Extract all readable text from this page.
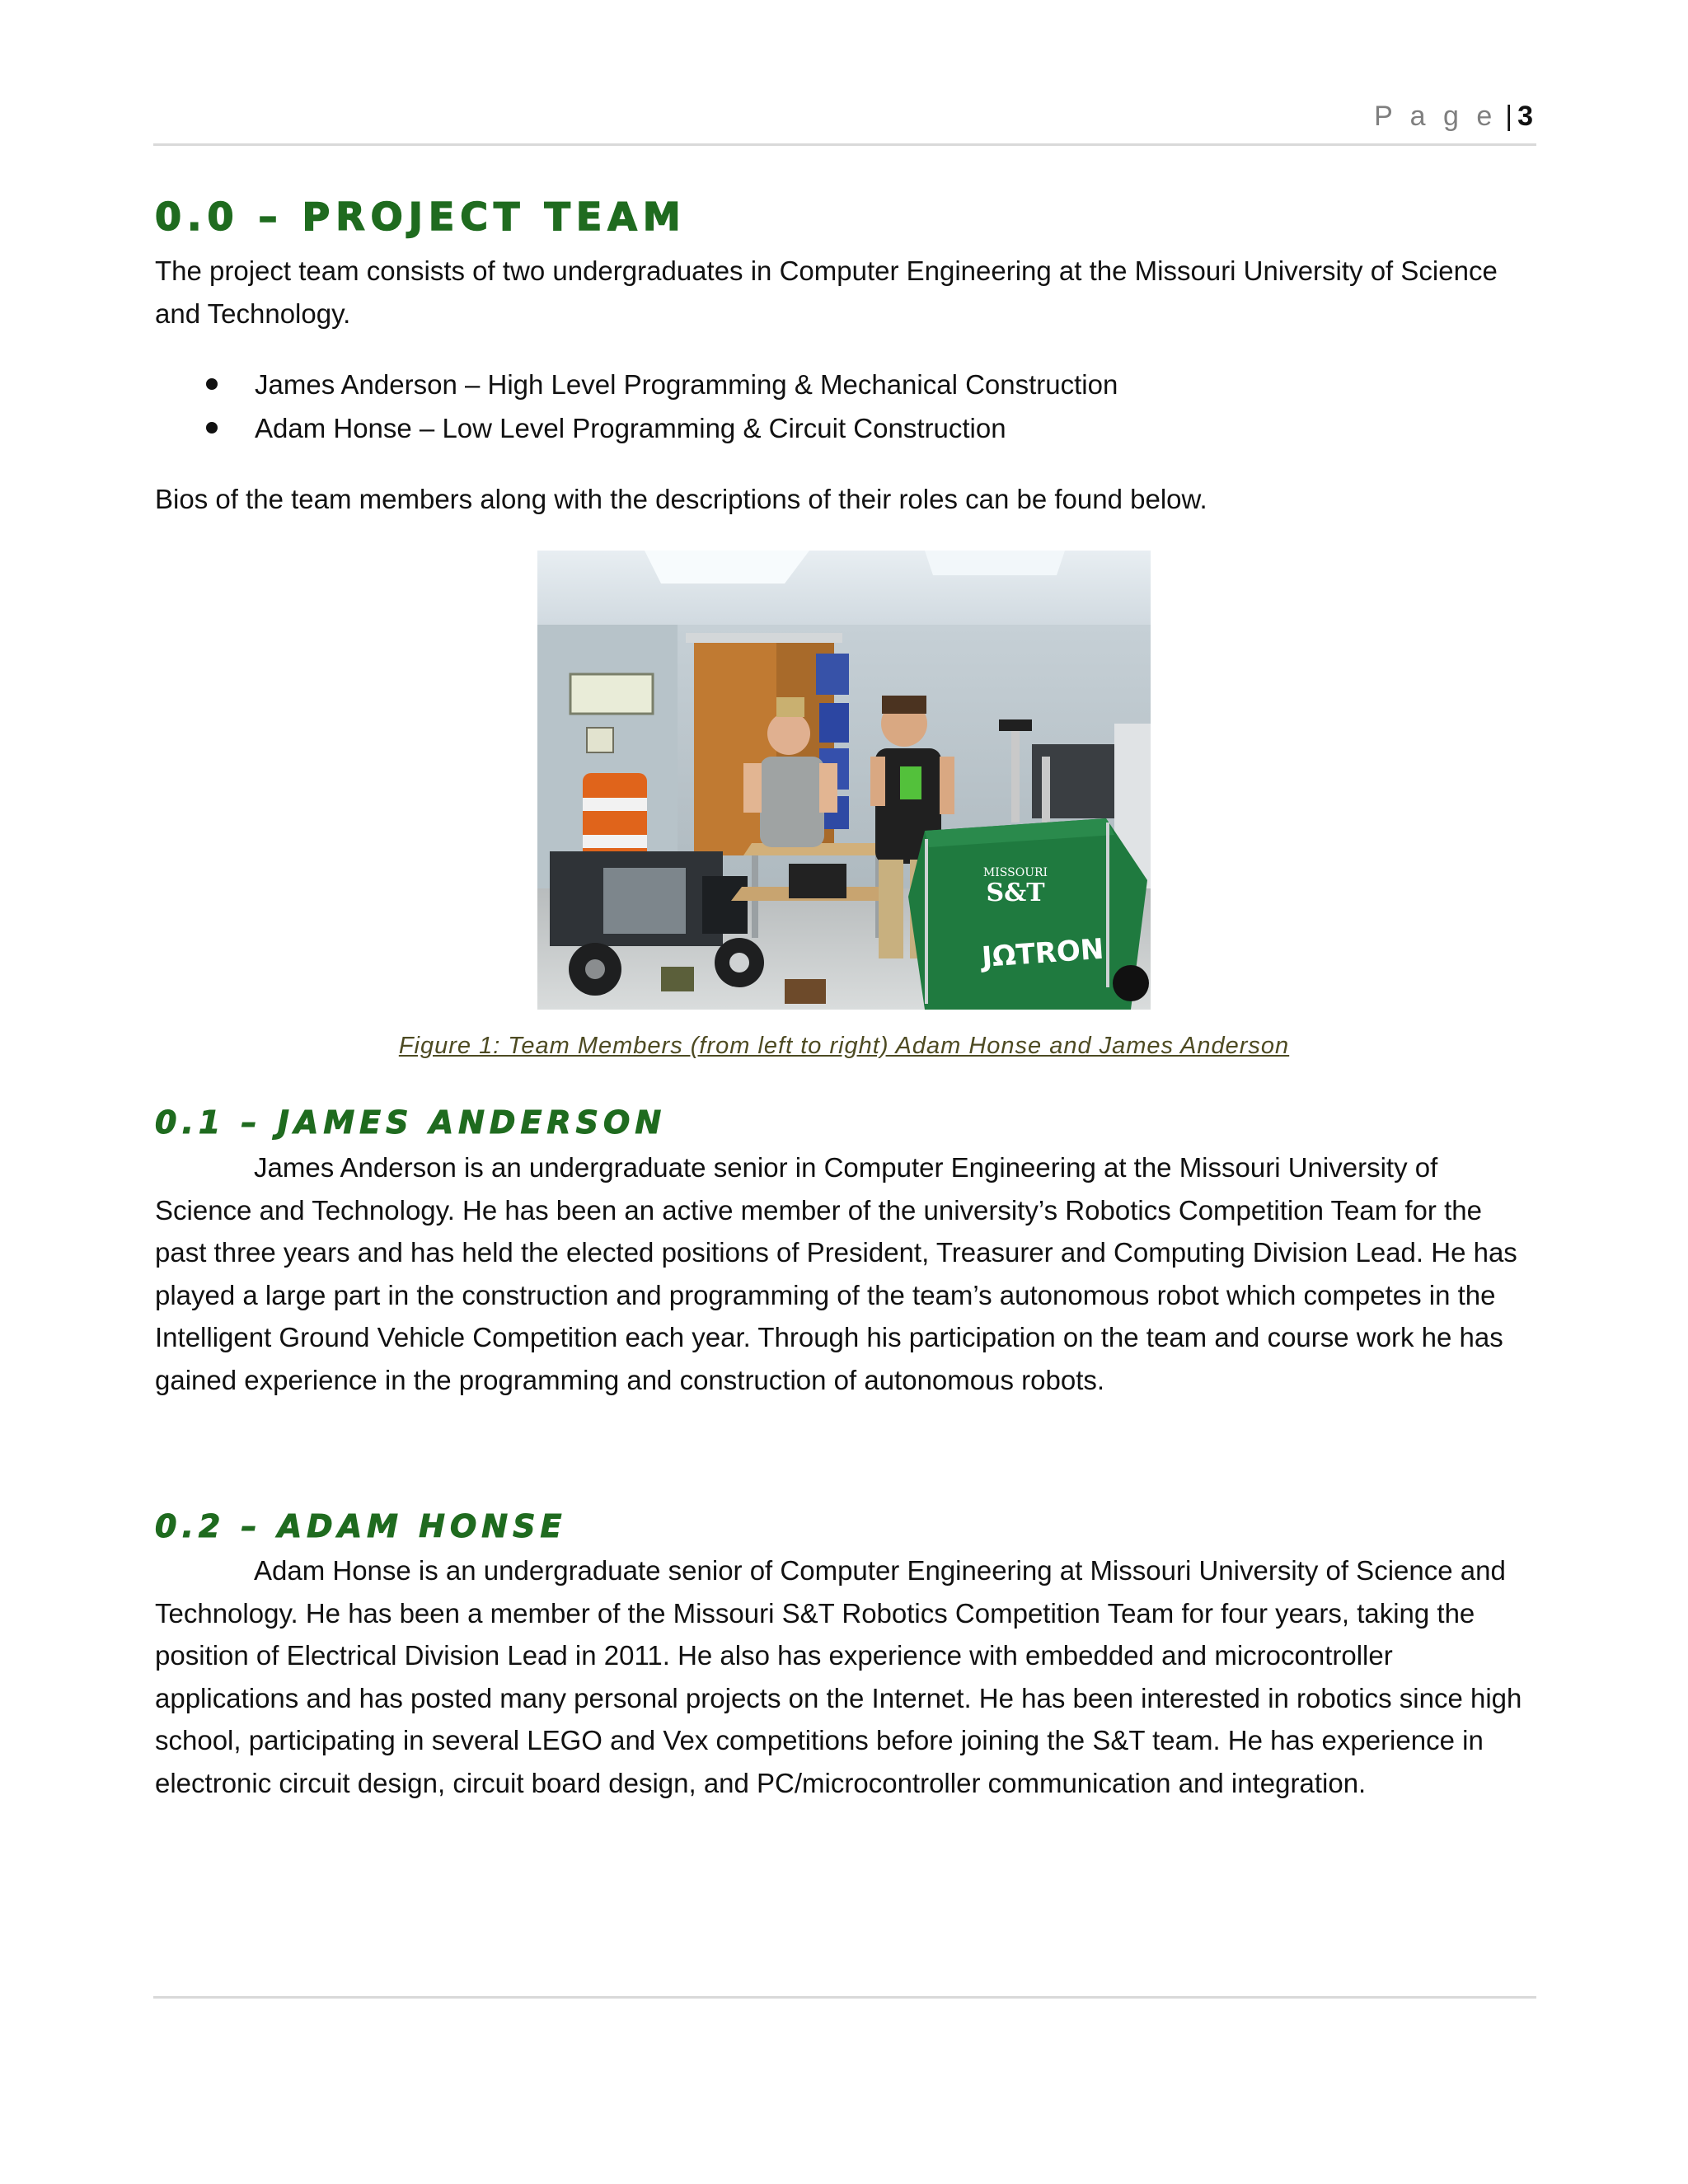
P a g e | 3
0.0 – PROJECT TEAM

The project team consists of two undergraduates in Computer Engineering at the Missouri University of Science and Technology.

James Anderson – High Level Programming & Mechanical Construction
Adam Honse – Low Level Programming & Circuit Construction

Bios of the team members along with the descriptions of their roles can be found below.

MISSOURI
S&T
JΩTRON
Figure 1: Team Members (from left to right) Adam Honse and James Anderson
0.1 – JAMES ANDERSON

James Anderson is an undergraduate senior in Computer Engineering at the Missouri University of Science and Technology. He has been an active member of the university’s Robotics Competition Team for the past three years and has held the elected positions of President, Treasurer and Computing Division Lead. He has played a large part in the construction and programming of the team’s autonomous robot which competes in the Intelligent Ground Vehicle Competition each year. Through his participation on the team and course work he has gained experience in the programming and construction of autonomous robots.

0.2 – ADAM HONSE

Adam Honse is an undergraduate senior of Computer Engineering at Missouri University of Science and Technology. He has been a member of the Missouri S&T Robotics Competition Team for four years, taking the position of Electrical Division Lead in 2011. He also has experience with embedded and microcontroller applications and has posted many personal projects on the Internet. He has been interested in robotics since high school, participating in several LEGO and Vex competitions before joining the S&T team. He has experience in electronic circuit design, circuit board design, and PC/microcontroller communication and integration.
